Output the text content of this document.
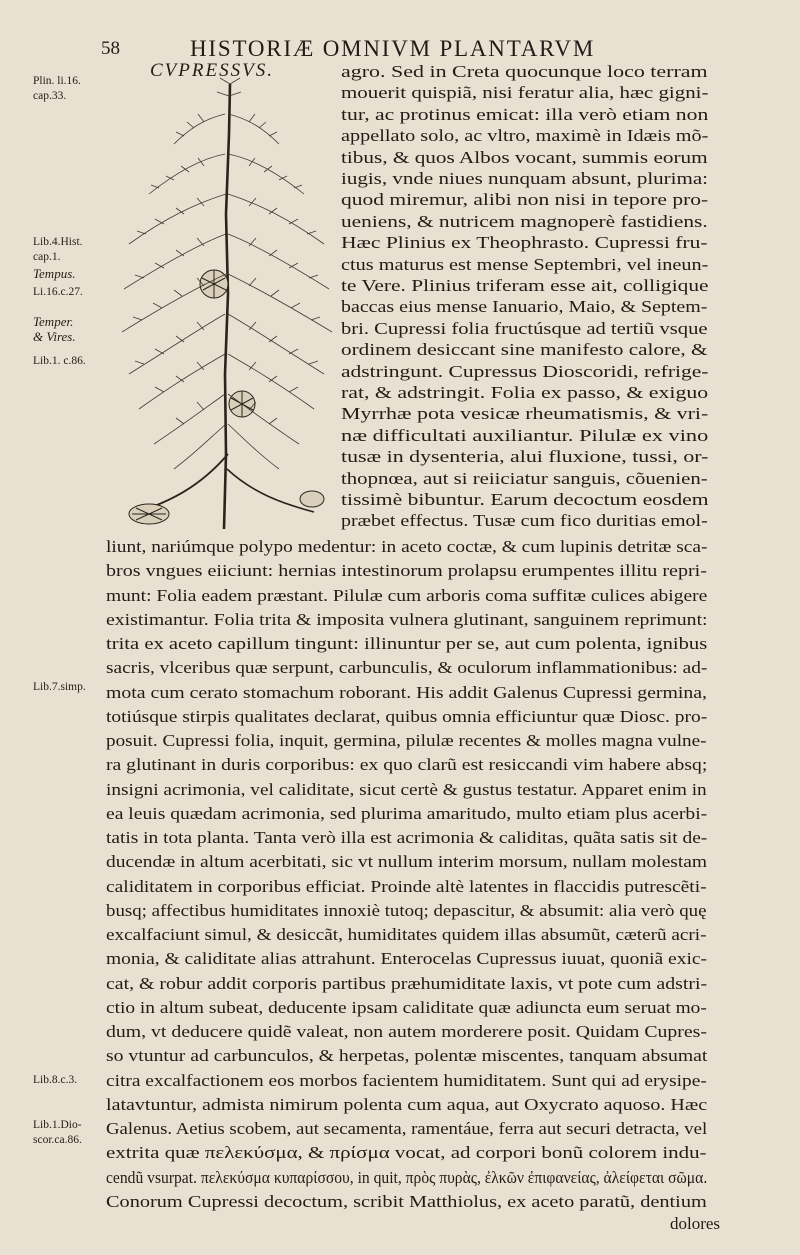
58	HISTORIÆ OMNIVM PLANTARVM
Plin. li.16.
cap.33.
Lib.4.Hist.
cap.1.
Tempus.
Li.16.c.27.
Temper.
& Vires.
Lib.1. c.86.
Lib.7.simp.
Lib.8.c.3.
Lib.1.Dio-
scor.ca.86.
CVPRESSVS.	agro. Sed in Creta quocunque loco terram
mouerit quispiã, nisi feratur alia, hæc gigni-
tur, ac protinus emicat: illa verò etiam non
appellato solo, ac vltro, maximè in Idæis mõ-
tibus, & quos Albos vocant, summis eorum
iugis, vnde niues nunquam absunt, plurima:
quod miremur, alibi non nisi in tepore pro-
ueniens, & nutricem magnoperè fastidiens.
Hæc Plinius ex Theophrasto. Cupressi fru-
ctus maturus est mense Septembri, vel ineun-
te Vere. Plinius triferam esse ait, colligique
baccas eius mense Ianuario, Maio, & Septem-
bri. Cupressi folia fructúsque ad tertiũ vsque
ordinem desiccant sine manifesto calore, &
adstringunt. Cupressus Dioscoridi, refrige-
rat, & adstringit. Folia ex passo, & exiguo
Myrrhæ pota vesicæ rheumatismis, & vri-
næ difficultati auxiliantur. Pilulæ ex vino
tusæ in dysenteria, alui fluxione, tussi, or-
thopnœa, aut si reiiciatur sanguis, cõuenien-
tissimè bibuntur. Earum decoctum eosdem
præbet effectus. Tusæ cum fico duritias emol-
liunt, nariúmque polypo medentur: in aceto coctæ, & cum lupinis detritæ sca-
bros vngues eiiciunt: hernias intestinorum prolapsu erumpentes illitu repri-
munt: Folia eadem præstant. Pilulæ cum arboris coma suffitæ culices abigere
existimantur. Folia trita & imposita vulnera glutinant, sanguinem reprimunt:
trita ex aceto capillum tingunt: illinuntur per se, aut cum polenta, ignibus
sacris, vlceribus quæ serpunt, carbunculis, & oculorum inflammationibus: ad-
mota cum cerato stomachum roborant. His addit Galenus Cupressi germina,
totiúsque stirpis qualitates declarat, quibus omnia efficiuntur quæ Diosc. pro-
posuit. Cupressi folia, inquit, germina, pilulæ recentes & molles magna vulne-
ra glutinant in duris corporibus: ex quo clarũ est resiccandi vim habere absq;
insigni acrimonia, vel caliditate, sicut certè & gustus testatur. Apparet enim in
ea leuis quædam acrimonia, sed plurima amaritudo, multo etiam plus acerbi-
tatis in tota planta. Tanta verò illa est acrimonia & caliditas, quãta satis sit de-
ducendæ in altum acerbitati, sic vt nullum interim morsum, nullam molestam
caliditatem in corporibus efficiat. Proinde altè latentes in flaccidis putrescẽti-
busq; affectibus humiditates innoxiè tutoq; depascitur, & absumit: alia verò quę
excalfaciunt simul, & desiccãt, humiditates quidem illas absumũt, cæterũ acri-
monia, & caliditate alias attrahunt. Enterocelas Cupressus iuuat, quoniã exic-
cat, & robur addit corporis partibus præhumiditate laxis, vt pote cum adstri-
ctio in altum subeat, deducente ipsam caliditate quæ adiuncta eum seruat mo-
dum, vt deducere quidẽ valeat, non autem morderere posit. Quidam Cupres-
so vtuntur ad carbunculos, & herpetas, polentæ miscentes, tanquam absumat
citra excalfactionem eos morbos facientem humiditatem. Sunt qui ad erysipe-
latavtuntur, admista nimirum polenta cum aqua, aut Oxycrato aquoso. Hæc
Galenus. Aetius scobem, aut secamenta, ramentáue, ferra aut securi detracta, vel
extrita quæ πελεκύσμα, & πρίσμα vocat, ad corpori bonũ colorem indu-
cendũ vsurpat. πελεκύσμα κυπαρίσσου, in quit, πρὸς πυρὰς, ἐλκῶν ἐπιφανείας, ἀλείφεται σῶμα.
Conorum Cupressi decoctum, scribit Matthiolus, ex aceto paratũ, dentium
dolores
